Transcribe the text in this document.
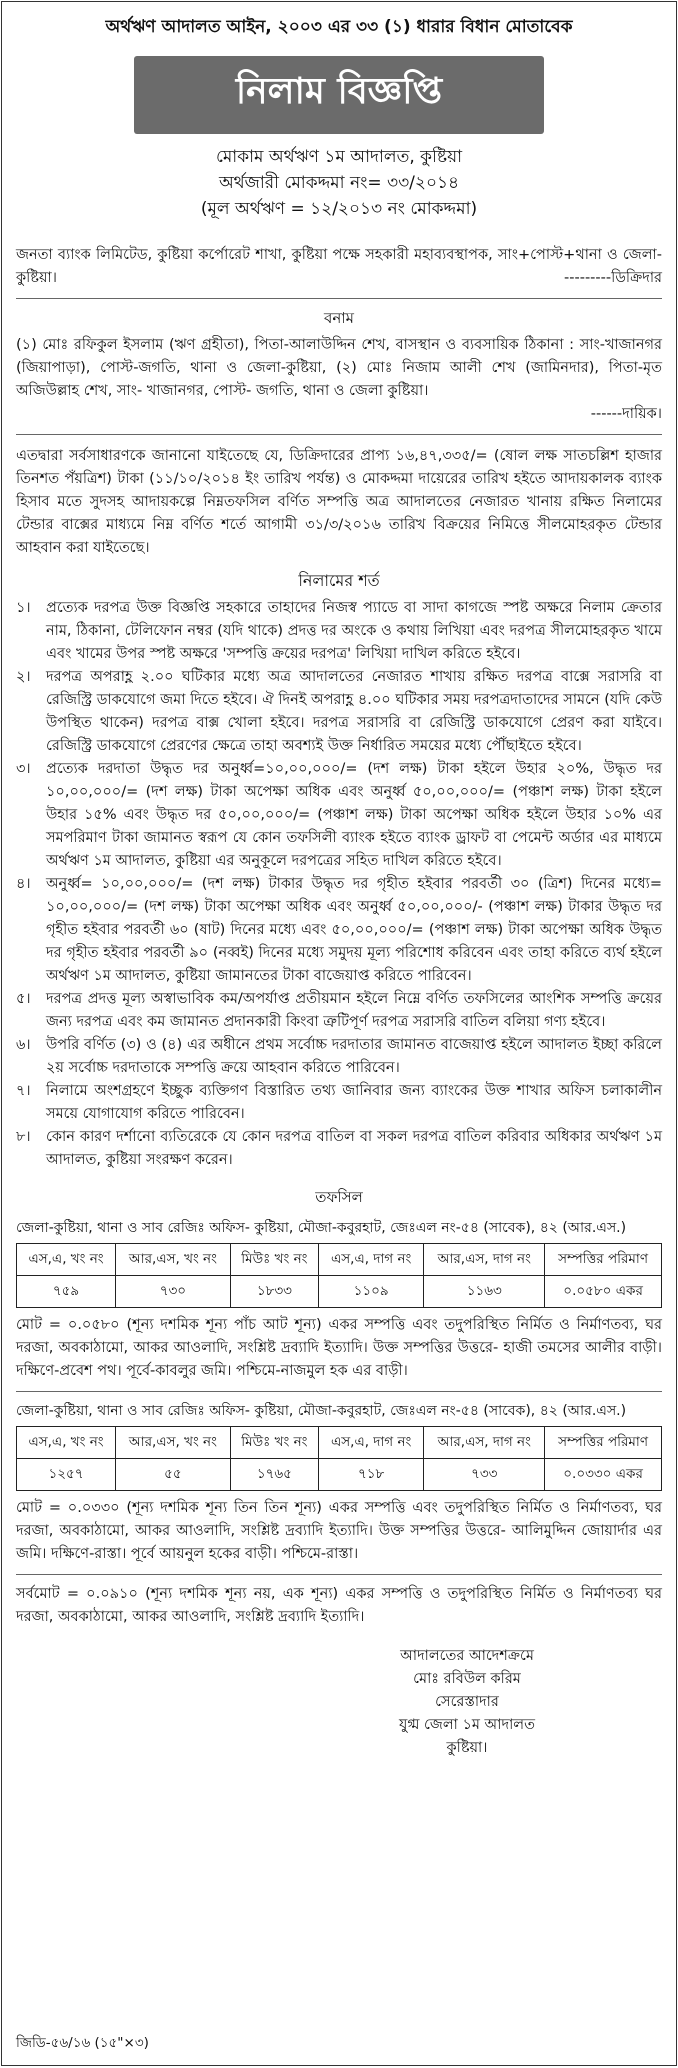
অর্থঋণ আদালত আইন, ২০০৩ এর ৩৩ (১) ধারার বিধান মোতাবেক
নিলাম বিজ্ঞপ্তি
মোকাম অর্থঋণ ১ম আদালত, কুষ্টিয়া
অর্থজারী মোকদ্দমা নং= ৩৩/২০১৪
(মূল অর্থঋণ = ১২/২০১৩ নং মোকদ্দমা)

জনতা ব্যাংক লিমিটেড, কুষ্টিয়া কর্পোরেট শাখা, কুষ্টিয়া পক্ষে সহকারী মহাব্যবস্থাপক, সাং+পোস্ট+থানা ও জেলা-কুষ্টিয়া।	---------ডিক্রিদার

বনাম

(১) মোঃ রফিকুল ইসলাম (ঋণ গ্রহীতা), পিতা-আলাউদ্দিন শেখ, বাসস্থান ও ব্যবসায়িক ঠিকানা : সাং-খাজানগর (জিয়াপাড়া), পোস্ট-জগতি, থানা ও জেলা-কুষ্টিয়া, (২) মোঃ নিজাম আলী শেখ (জামিনদার), পিতা-মৃত অজিউল্লাহ শেখ, সাং- খাজানগর, পোস্ট- জগতি, থানা ও জেলা কুষ্টিয়া।

------দায়িক।

এতদ্বারা সর্বসাধারণকে জানানো যাইতেছে যে, ডিক্রিদারের প্রাপ্য ১৬,৪৭,৩৩৫/= (ষোল লক্ষ সাতচল্লিশ হাজার তিনশত পঁয়ত্রিশ) টাকা (১১/১০/২০১৪ ইং তারিখ পর্যন্ত) ও মোকদ্দমা দায়েরের তারিখ হইতে আদায়কালক ব্যাংক হিসাব মতে সুদসহ আদায়কল্পে নিম্নতফসিল বর্ণিত সম্পত্তি অত্র আদালতের নেজারত খানায় রক্ষিত নিলামের টেন্ডার বাক্সের মাধ্যমে নিম্ন বর্ণিত শর্তে আগামী ৩১/৩/২০১৬ তারিখ বিক্রয়ের নিমিত্তে সীলমোহরকৃত টেন্ডার আহবান করা যাইতেছে।

নিলামের শর্ত
১।	প্রত্যেক দরপত্র উক্ত বিজ্ঞপ্তি সহকারে তাহাদের নিজস্ব প্যাডে বা সাদা কাগজে স্পষ্ট অক্ষরে নিলাম ক্রেতার নাম, ঠিকানা, টেলিফোন নম্বর (যদি থাকে) প্রদত্ত দর অংকে ও কথায় লিখিয়া এবং দরপত্র সীলমোহরকৃত খামে এবং খামের উপর স্পষ্ট অক্ষরে 'সম্পত্তি ক্রয়ের দরপত্র' লিখিয়া দাখিল করিতে হইবে।
২।	দরপত্র অপরাহ্ণ ২.০০ ঘটিকার মধ্যে অত্র আদালতের নেজারত শাখায় রক্ষিত দরপত্র বাক্সে সরাসরি বা রেজিস্ট্রি ডাকযোগে জমা দিতে হইবে। ঐ দিনই অপরাহ্ণ ৪.০০ ঘটিকার সময় দরপত্রদাতাদের সামনে (যদি কেউ উপস্থিত থাকেন) দরপত্র বাক্স খোলা হইবে। দরপত্র সরাসরি বা রেজিস্ট্রি ডাকযোগে প্রেরণ করা যাইবে। রেজিস্ট্রি ডাকযোগে প্রেরণের ক্ষেত্রে তাহা অবশ্যই উক্ত নির্ধারিত সময়ের মধ্যে পৌঁছাইতে হইবে।
৩।	প্রত্যেক দরদাতা উদ্ধৃত দর অনুর্ধ্ব=১০,০০,০০০/= (দশ লক্ষ) টাকা হইলে উহার ২০%, উদ্ধৃত দর ১০,০০,০০০/= (দশ লক্ষ) টাকা অপেক্ষা অধিক এবং অনুর্ধ্ব ৫০,০০,০০০/= (পঞ্চাশ লক্ষ) টাকা হইলে উহার ১৫% এবং উদ্ধৃত দর ৫০,০০,০০০/= (পঞ্চাশ লক্ষ) টাকা অপেক্ষা অধিক হইলে উহার ১০% এর সমপরিমাণ টাকা জামানত স্বরূপ যে কোন তফসিলী ব্যাংক হইতে ব্যাংক ড্রাফট বা পেমেন্ট অর্ডার এর মাধ্যমে অর্থঋণ ১ম আদালত, কুষ্টিয়া এর অনুকূলে দরপত্রের সহিত দাখিল করিতে হইবে।
৪।	অনুর্ধ্ব= ১০,০০,০০০/= (দশ লক্ষ) টাকার উদ্ধৃত দর গৃহীত হইবার পরবর্তী ৩০ (ত্রিশ) দিনের মধ্যে= ১০,০০,০০০/= (দশ লক্ষ) টাকা অপেক্ষা অধিক এবং অনুর্ধ্ব ৫০,০০,০০০/- (পঞ্চাশ লক্ষ) টাকার উদ্ধৃত দর গৃহীত হইবার পরবর্তী ৬০ (ষাট) দিনের মধ্যে এবং ৫০,০০,০০০/= (পঞ্চাশ লক্ষ) টাকা অপেক্ষা অধিক উদ্ধৃত দর গৃহীত হইবার পরবর্তী ৯০ (নব্বই) দিনের মধ্যে সমুদয় মূল্য পরিশোধ করিবেন এবং তাহা করিতে ব্যর্থ হইলে অর্থঋণ ১ম আদালত, কুষ্টিয়া জামানতের টাকা বাজেয়াপ্ত করিতে পারিবেন।
৫।	দরপত্র প্রদত্ত মূল্য অস্বাভাবিক কম/অপর্যাপ্ত প্রতীয়মান হইলে নিম্নে বর্ণিত তফসিলের আংশিক সম্পত্তি ক্রয়ের জন্য দরপত্র এবং কম জামানত প্রদানকারী কিংবা ত্রুটিপূর্ণ দরপত্র সরাসরি বাতিল বলিয়া গণ্য হইবে।
৬।	উপরি বর্ণিত (৩) ও (৪) এর অধীনে প্রথম সর্বোচ্চ দরদাতার জামানত বাজেয়াপ্ত হইলে আদালত ইচ্ছা করিলে ২য় সর্বোচ্চ দরদাতাকে সম্পত্তি ক্রয়ে আহবান করিতে পারিবেন।
৭।	নিলামে অংশগ্রহণে ইচ্ছুক ব্যক্তিগণ বিস্তারিত তথ্য জানিবার জন্য ব্যাংকের উক্ত শাখার অফিস চলাকালীন সময়ে যোগাযোগ করিতে পারিবেন।
৮।	কোন কারণ দর্শানো ব্যতিরেকে যে কোন দরপত্র বাতিল বা সকল দরপত্র বাতিল করিবার অধিকার অর্থঋণ ১ম আদালত, কুষ্টিয়া সংরক্ষণ করেন।
তফসিল
জেলা-কুষ্টিয়া, থানা ও সাব রেজিঃ অফিস- কুষ্টিয়া, মৌজা-কবুরহাট, জেঃএল নং-৫৪ (সাবেক), ৪২ (আর.এস.)
এস,এ, খং নং	আর,এস, খং নং	মিউঃ খং নং	এস,এ, দাগ নং	আর,এস, দাগ নং	সম্পত্তির পরিমাণ
৭৫৯	৭৩০	১৮৩৩	১১০৯	১১৬৩	০.০৫৮০ একর

মোট = ০.০৫৮০ (শূন্য দশমিক শূন্য পাঁচ আট শূন্য) একর সম্পত্তি এবং তদুপরিস্থিত নির্মিত ও নির্মাণতব্য, ঘর দরজা, অবকাঠামো, আকর আওলাদি, সংশ্লিষ্ট দ্রব্যাদি ইত্যাদি। উক্ত সম্পত্তির উত্তরে- হাজী তমসের আলীর বাড়ী। দক্ষিণে-প্রবেশ পথ। পূর্বে-কাবলুর জমি। পশ্চিমে-নাজমুল হক এর বাড়ী।

জেলা-কুষ্টিয়া, থানা ও সাব রেজিঃ অফিস- কুষ্টিয়া, মৌজা-কবুরহাট, জেঃএল নং-৫৪ (সাবেক), ৪২ (আর.এস.)
এস,এ, খং নং	আর,এস, খং নং	মিউঃ খং নং	এস,এ, দাগ নং	আর,এস, দাগ নং	সম্পত্তির পরিমাণ
১২৫৭	৫৫	১৭৬৫	৭১৮	৭৩৩	০.০৩৩০ একর

মোট = ০.০৩৩০ (শূন্য দশমিক শূন্য তিন তিন শূন্য) একর সম্পত্তি এবং তদুপরিস্থিত নির্মিত ও নির্মাণতব্য, ঘর দরজা, অবকাঠামো, আকর আওলাদি, সংশ্লিষ্ট দ্রব্যাদি ইত্যাদি। উক্ত সম্পত্তির উত্তরে- আলিমুদ্দিন জোয়ার্দার এর জমি। দক্ষিণে-রাস্তা। পূর্বে আয়নুল হকের বাড়ী। পশ্চিমে-রাস্তা।

সর্বমোট = ০.০৯১০ (শূন্য দশমিক শূন্য নয়, এক শূন্য) একর সম্পত্তি ও তদুপরিস্থিত নির্মিত ও নির্মাণতব্য ঘর দরজা, অবকাঠামো, আকর আওলাদি, সংশ্লিষ্ট দ্রব্যাদি ইত্যাদি।

আদালতের আদেশক্রমে
মোঃ রবিউল করিম
সেরেস্তাদার
যুগ্ম জেলা ১ম আদালত
কুষ্টিয়া।
জিডি-৫৬/১৬ (১৫"×৩)
